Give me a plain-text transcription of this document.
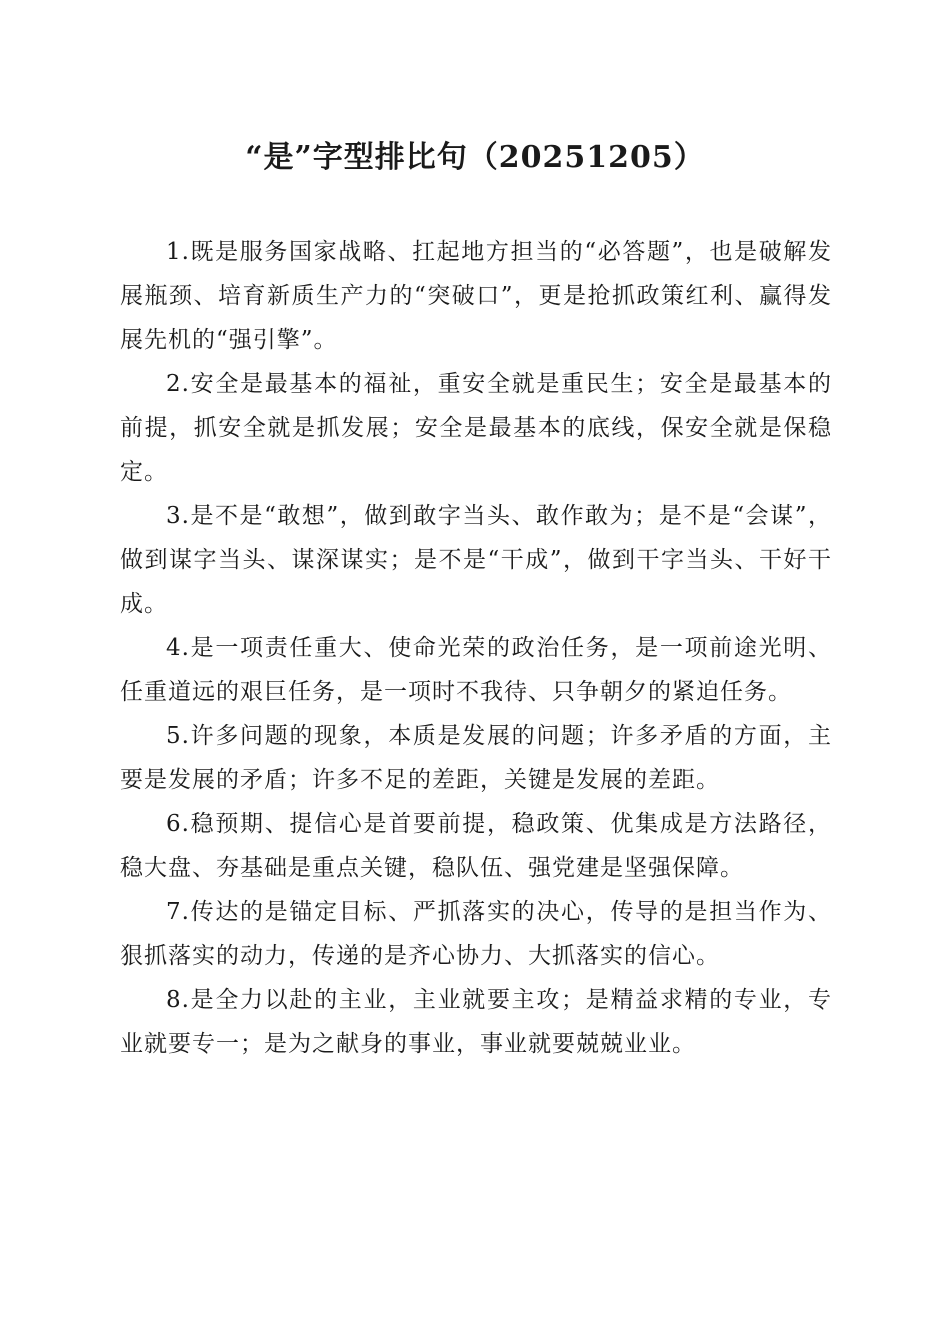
“是”字型排比句（20251205）

1.既是服务国家战略、扛起地方担当的“必答题”，也是破解发展瓶颈、培育新质生产力的“突破口”，更是抢抓政策红利、赢得发展先机的“强引擎”。

2.安全是最基本的福祉，重安全就是重民生；安全是最基本的前提，抓安全就是抓发展；安全是最基本的底线，保安全就是保稳定。

3.是不是“敢想”，做到敢字当头、敢作敢为；是不是“会谋”，做到谋字当头、谋深谋实；是不是“干成”，做到干字当头、干好干成。

4.是一项责任重大、使命光荣的政治任务，是一项前途光明、任重道远的艰巨任务，是一项时不我待、只争朝夕的紧迫任务。

5.许多问题的现象，本质是发展的问题；许多矛盾的方面，主要是发展的矛盾；许多不足的差距，关键是发展的差距。

6.稳预期、提信心是首要前提，稳政策、优集成是方法路径，稳大盘、夯基础是重点关键，稳队伍、强党建是坚强保障。

7.传达的是锚定目标、严抓落实的决心，传导的是担当作为、狠抓落实的动力，传递的是齐心协力、大抓落实的信心。

8.是全力以赴的主业，主业就要主攻；是精益求精的专业，专业就要专一；是为之献身的事业，事业就要兢兢业业。
